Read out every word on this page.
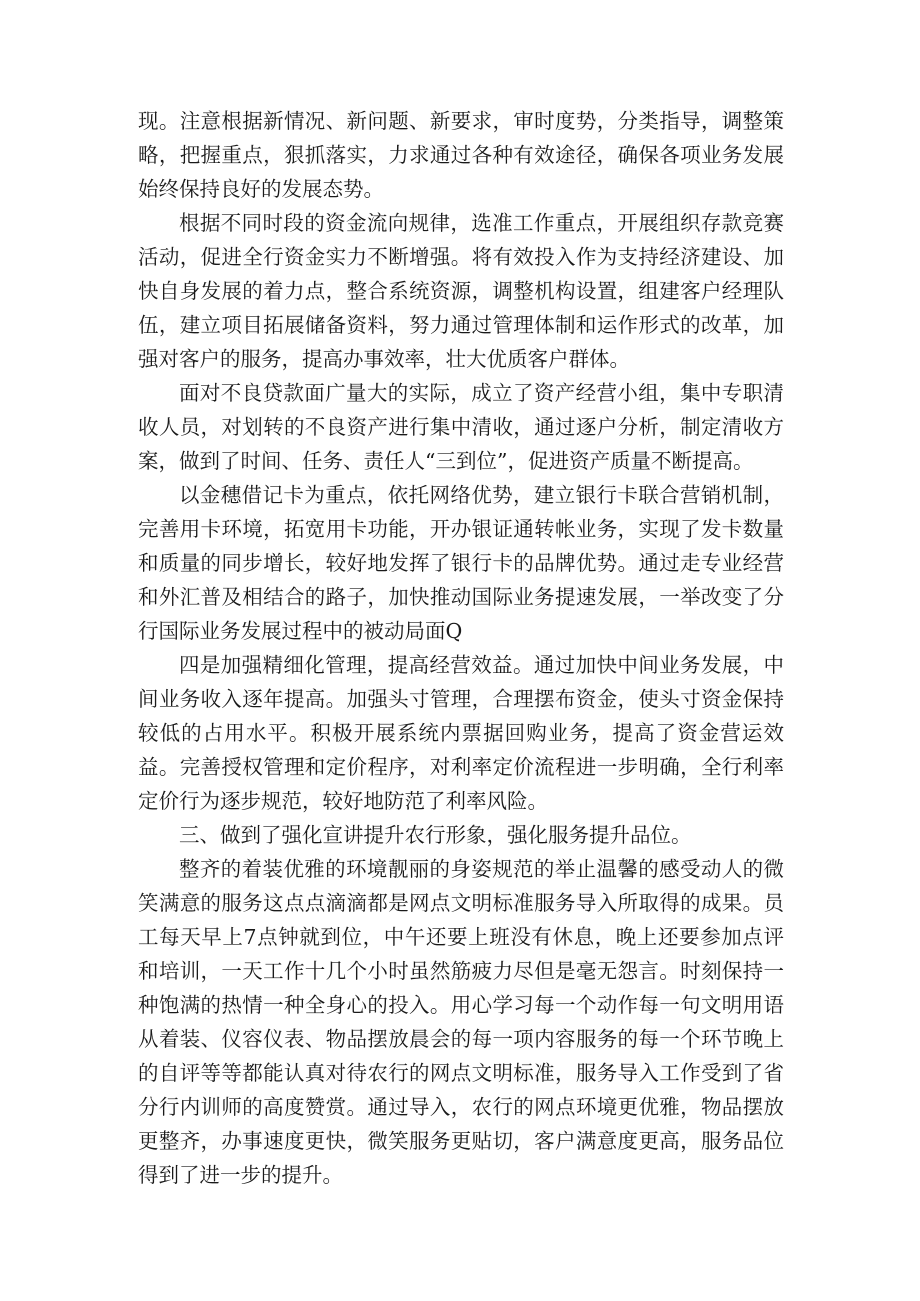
现。注意根据新情况、新问题、新要求，审时度势，分类指导，调整策略，把握重点，狠抓落实，力求通过各种有效途径，确保各项业务发展始终保持良好的发展态势。

根据不同时段的资金流向规律，选准工作重点，开展组织存款竞赛活动，促进全行资金实力不断增强。将有效投入作为支持经济建设、加快自身发展的着力点，整合系统资源，调整机构设置，组建客户经理队伍，建立项目拓展储备资料，努力通过管理体制和运作形式的改革，加强对客户的服务，提高办事效率，壮大优质客户群体。

面对不良贷款面广量大的实际，成立了资产经营小组，集中专职清收人员，对划转的不良资产进行集中清收，通过逐户分析，制定清收方案，做到了时间、任务、责任人“三到位”，促进资产质量不断提高。

以金穗借记卡为重点，依托网络优势，建立银行卡联合营销机制，完善用卡环境，拓宽用卡功能，开办银证通转帐业务，实现了发卡数量和质量的同步增长，较好地发挥了银行卡的品牌优势。通过走专业经营和外汇普及相结合的路子，加快推动国际业务提速发展，一举改变了分行国际业务发展过程中的被动局面Q

四是加强精细化管理，提高经营效益。通过加快中间业务发展，中间业务收入逐年提高。加强头寸管理，合理摆布资金，使头寸资金保持较低的占用水平。积极开展系统内票据回购业务，提高了资金营运效益。完善授权管理和定价程序，对利率定价流程进一步明确，全行利率定价行为逐步规范，较好地防范了利率风险。

三、做到了强化宣讲提升农行形象，强化服务提升品位。

整齐的着装优雅的环境靓丽的身姿规范的举止温馨的感受动人的微笑满意的服务这点点滴滴都是网点文明标准服务导入所取得的成果。员工每天早上7点钟就到位，中午还要上班没有休息，晚上还要参加点评和培训，一天工作十几个小时虽然筋疲力尽但是毫无怨言。时刻保持一种饱满的热情一种全身心的投入。用心学习每一个动作每一句文明用语从着装、仪容仪表、物品摆放晨会的每一项内容服务的每一个环节晚上的自评等等都能认真对待农行的网点文明标准，服务导入工作受到了省分行内训师的高度赞赏。通过导入，农行的网点环境更优雅，物品摆放更整齐，办事速度更快，微笑服务更贴切，客户满意度更高，服务品位得到了进一步的提升。
